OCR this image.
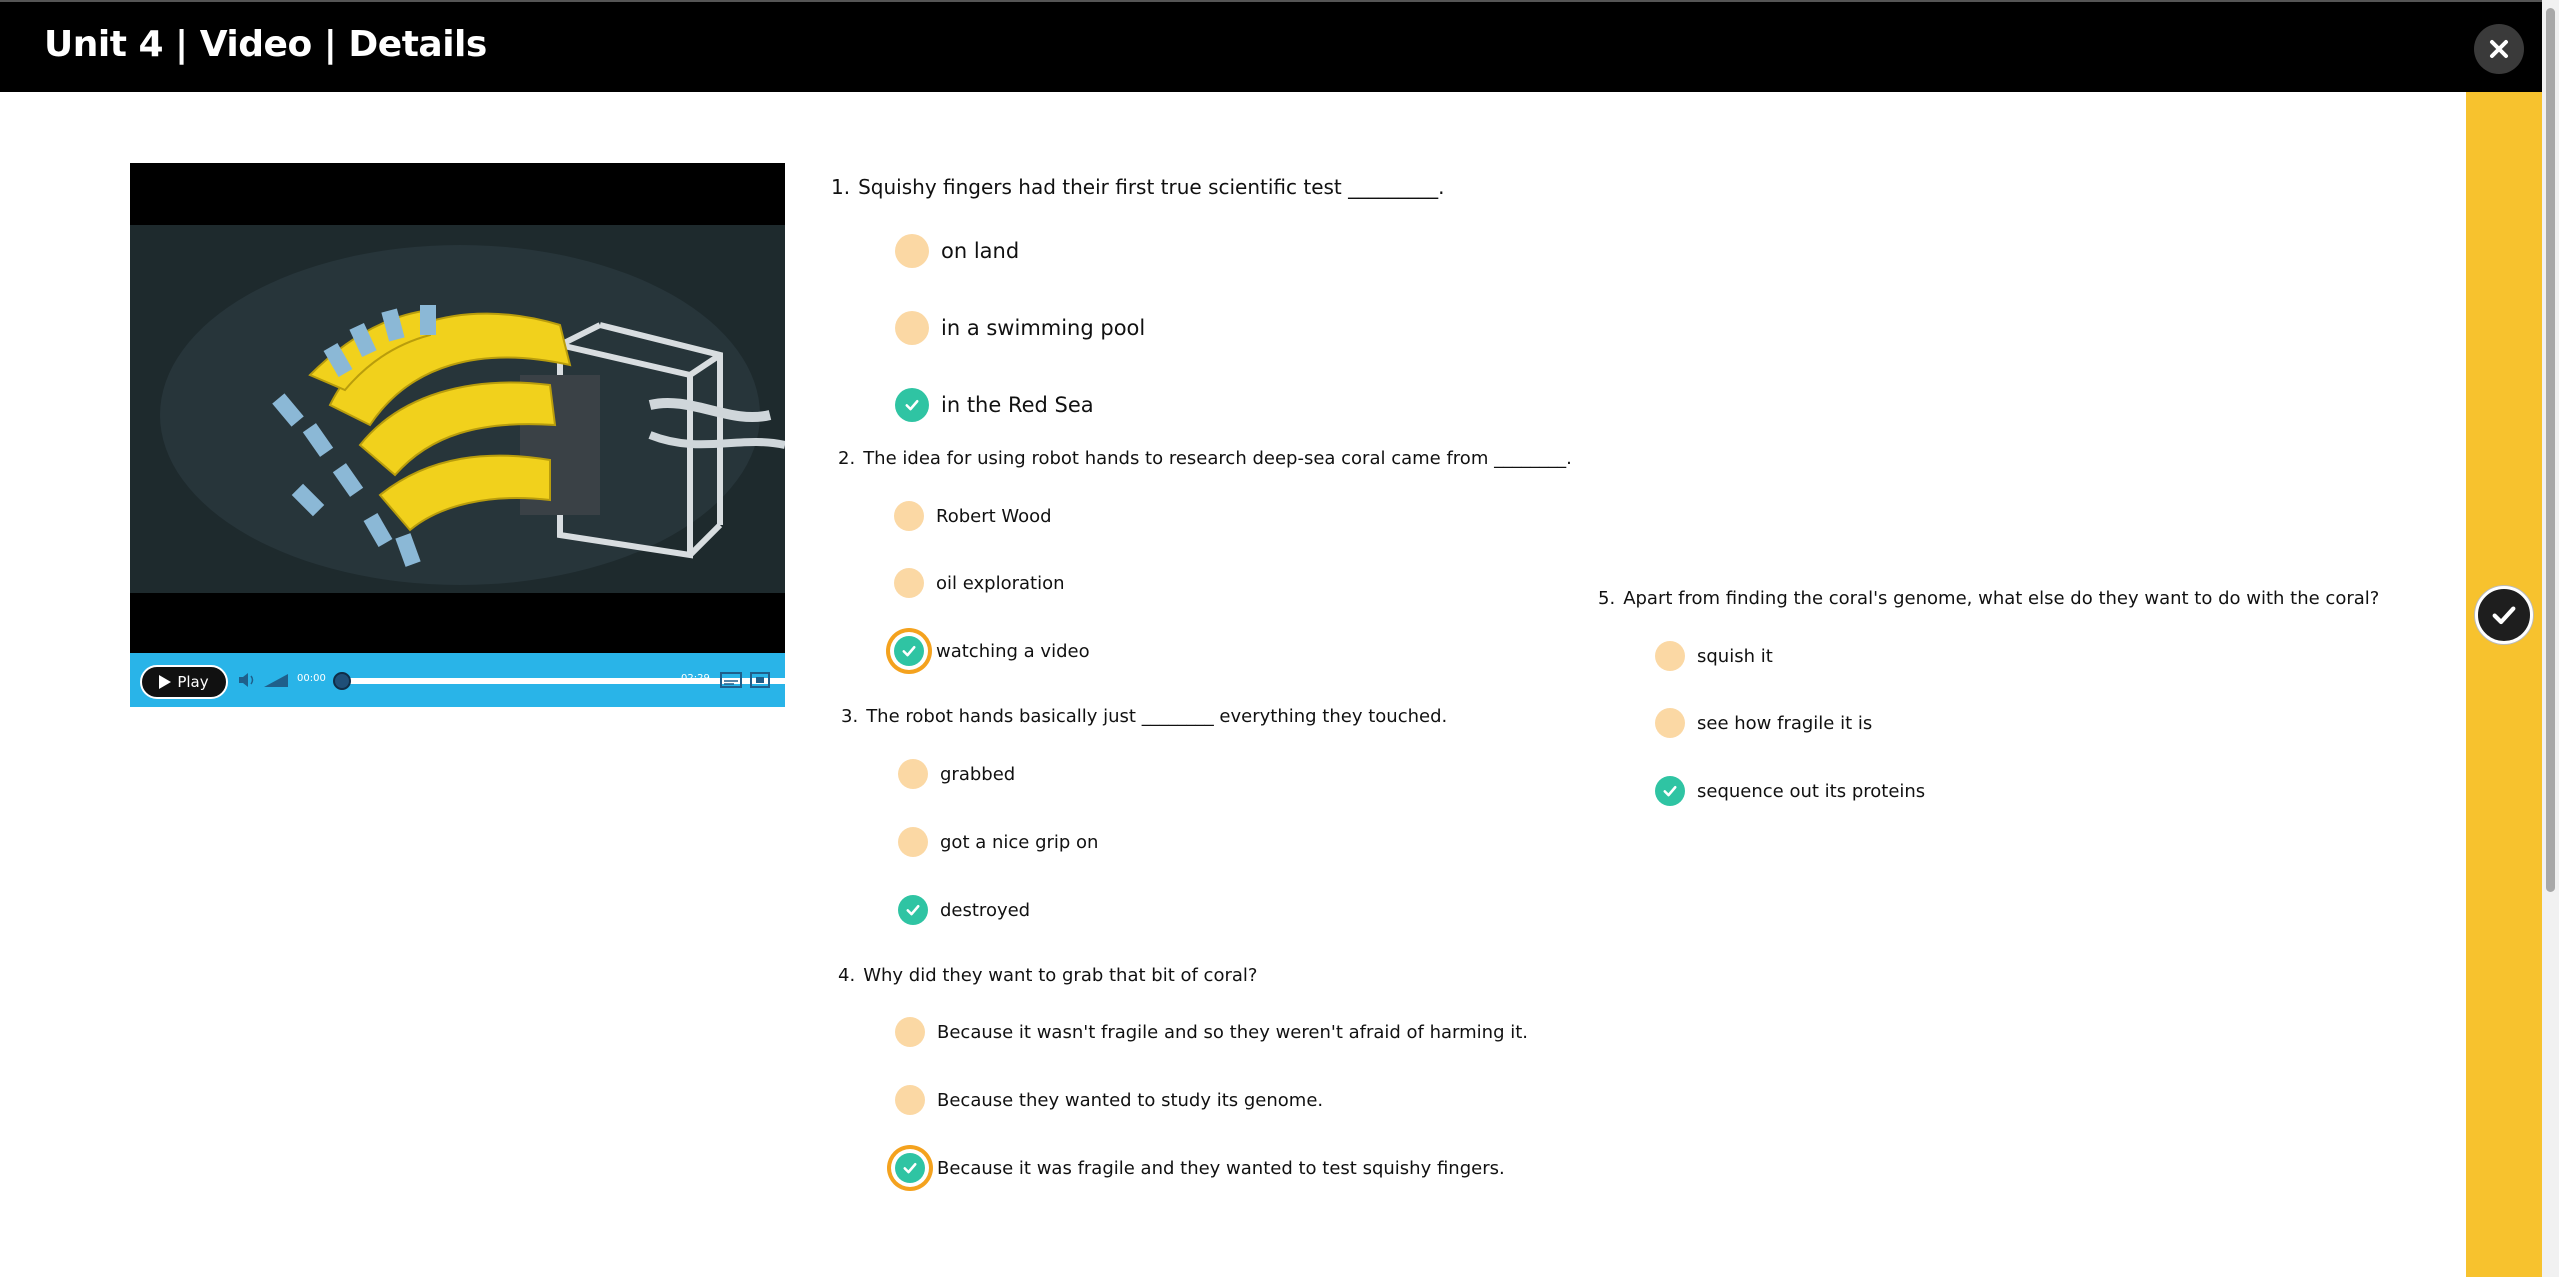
Unit 4 | Video | Details
Play	00:00	02:29
1. Squishy fingers had their first true scientific test _________.
on land
in a swimming pool
in the Red Sea
2. The idea for using robot hands to research deep-sea coral came from ________.
Robert Wood
oil exploration
watching a video
3. The robot hands basically just ________ everything they touched.
grabbed
got a nice grip on
destroyed
4. Why did they want to grab that bit of coral?
Because it wasn't fragile and so they weren't afraid of harming it.
Because they wanted to study its genome.
Because it was fragile and they wanted to test squishy fingers.
5. Apart from finding the coral's genome, what else do they want to do with the coral?
squish it
see how fragile it is
sequence out its proteins
